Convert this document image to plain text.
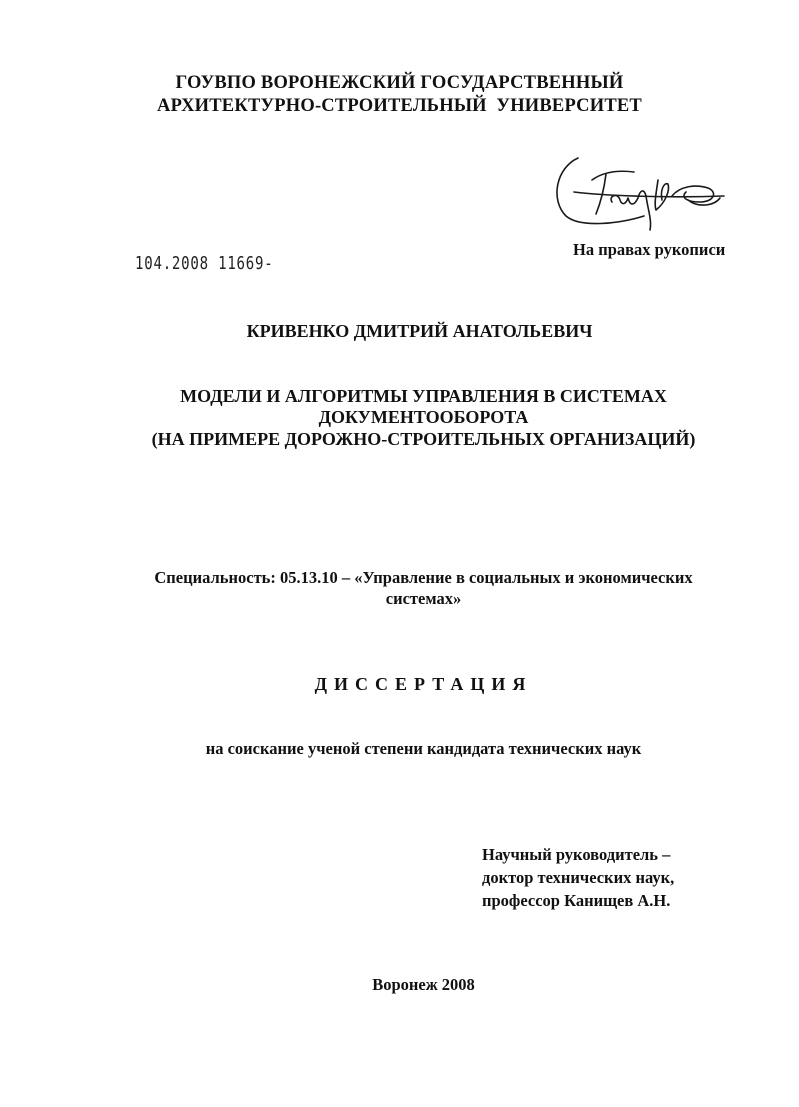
ГОУВПО ВОРОНЕЖСКИЙ ГОСУДАРСТВЕННЫЙ

АРХИТЕКТУРНО-СТРОИТЕЛЬНЫЙ  УНИВЕРСИТЕТ

На правах рукописи

104.2008 11669-

КРИВЕНКО ДМИТРИЙ АНАТОЛЬЕВИЧ

МОДЕЛИ И АЛГОРИТМЫ УПРАВЛЕНИЯ В СИСТЕМАХ

ДОКУМЕНТООБОРОТА

(НА ПРИМЕРЕ ДОРОЖНО-СТРОИТЕЛЬНЫХ ОРГАНИЗАЦИЙ)

Специальность: 05.13.10 – «Управление в социальных и экономических

системах»

ДИССЕРТАЦИЯ

на соискание ученой степени кандидата технических наук

Научный руководитель –

доктор технических наук,

профессор Канищев А.Н.

Воронеж 2008
